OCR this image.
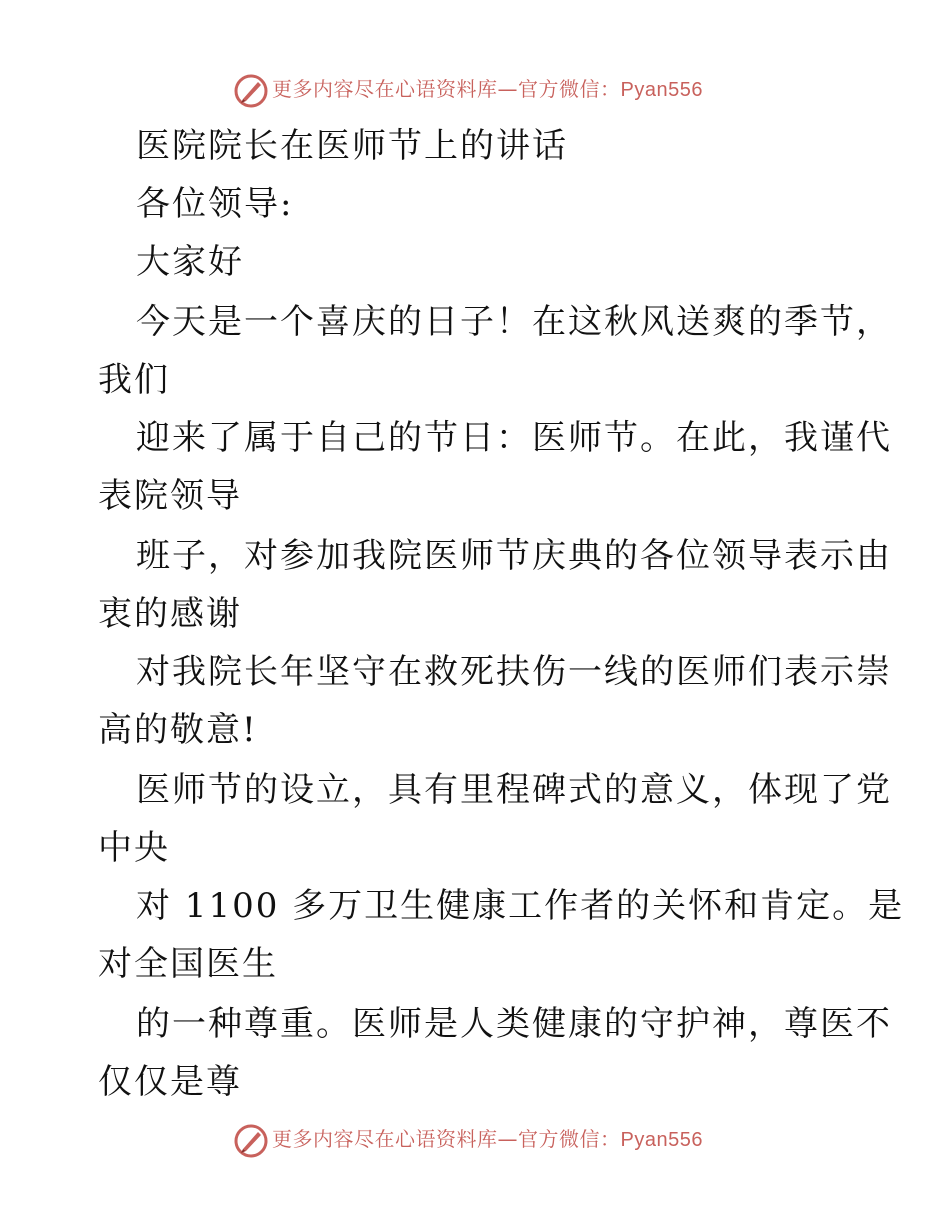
更多内容尽在心语资料库—官方微信：Pyan556
医院院长在医师节上的讲话
各位领导:
大家好
今天是一个喜庆的日子！在这秋风送爽的季节，
我们
迎来了属于自己的节日：医师节。在此，我谨代
表院领导
班子，对参加我院医师节庆典的各位领导表示由
衷的感谢
对我院长年坚守在救死扶伤一线的医师们表示崇
高的敬意!
医师节的设立，具有里程碑式的意义，体现了党
中央
对 1100 多万卫生健康工作者的关怀和肯定。是
对全国医生
的一种尊重。医师是人类健康的守护神，尊医不
仅仅是尊
更多内容尽在心语资料库—官方微信：Pyan556
